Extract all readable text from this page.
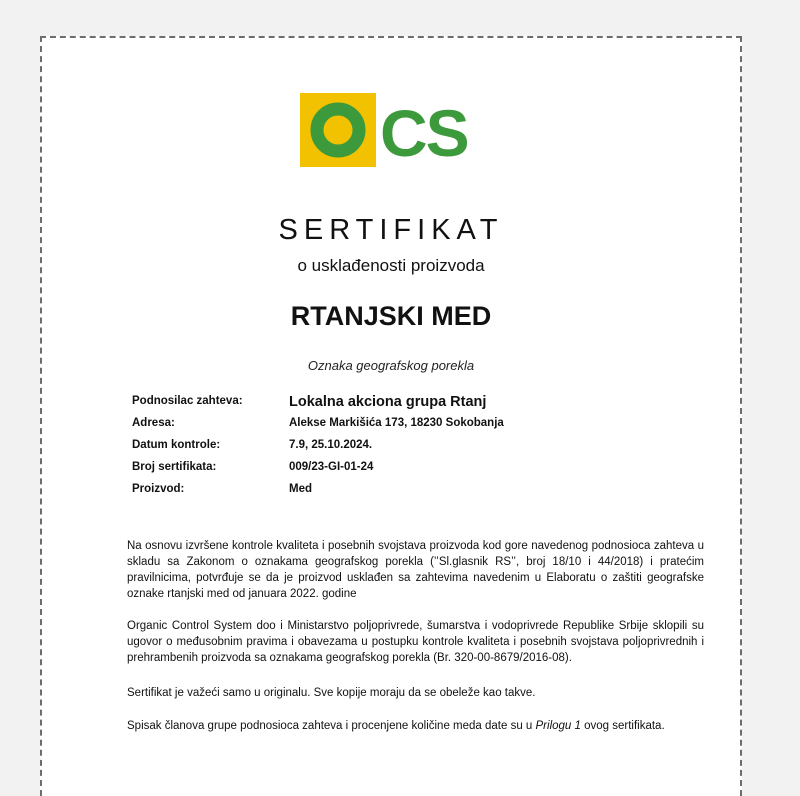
CS
SERTIFIKAT
o usklađenosti proizvoda
RTANJSKI MED
Oznaka geografskog porekla
Podnosilac zahteva:	Lokalna akciona grupa Rtanj
Adresa:	Alekse Markišića 173, 18230 Sokobanja
Datum kontrole:	7.9, 25.10.2024.
Broj sertifikata:	009/23-GI-01-24
Proizvod:	Med
Na osnovu izvršene kontrole kvaliteta i posebnih svojstava proizvoda kod gore navedenog podnosioca zahteva u skladu sa Zakonom o oznakama geografskog porekla (’’Sl.glasnik RS’’, broj 18/10 i 44/2018) i pratećim pravilnicima, potvrđuje se da je proizvod usklađen sa zahtevima navedenim u Elaboratu o zaštiti geografske oznake rtanjski med od januara 2022. godine
Organic Control System doo i Ministarstvo poljoprivrede, šumarstva i vodoprivrede Republike Srbije sklopili su ugovor o međusobnim pravima i obavezama u postupku kontrole kvaliteta i posebnih svojstava poljoprivrednih i prehrambenih proizvoda sa oznakama geografskog porekla (Br. 320-00-8679/2016-08).
Sertifikat je važeći samo u originalu. Sve kopije moraju da se obeleže kao takve.
Spisak članova grupe podnosioca zahteva i procenjene količine meda date su u Prilogu 1 ovog sertifikata.
